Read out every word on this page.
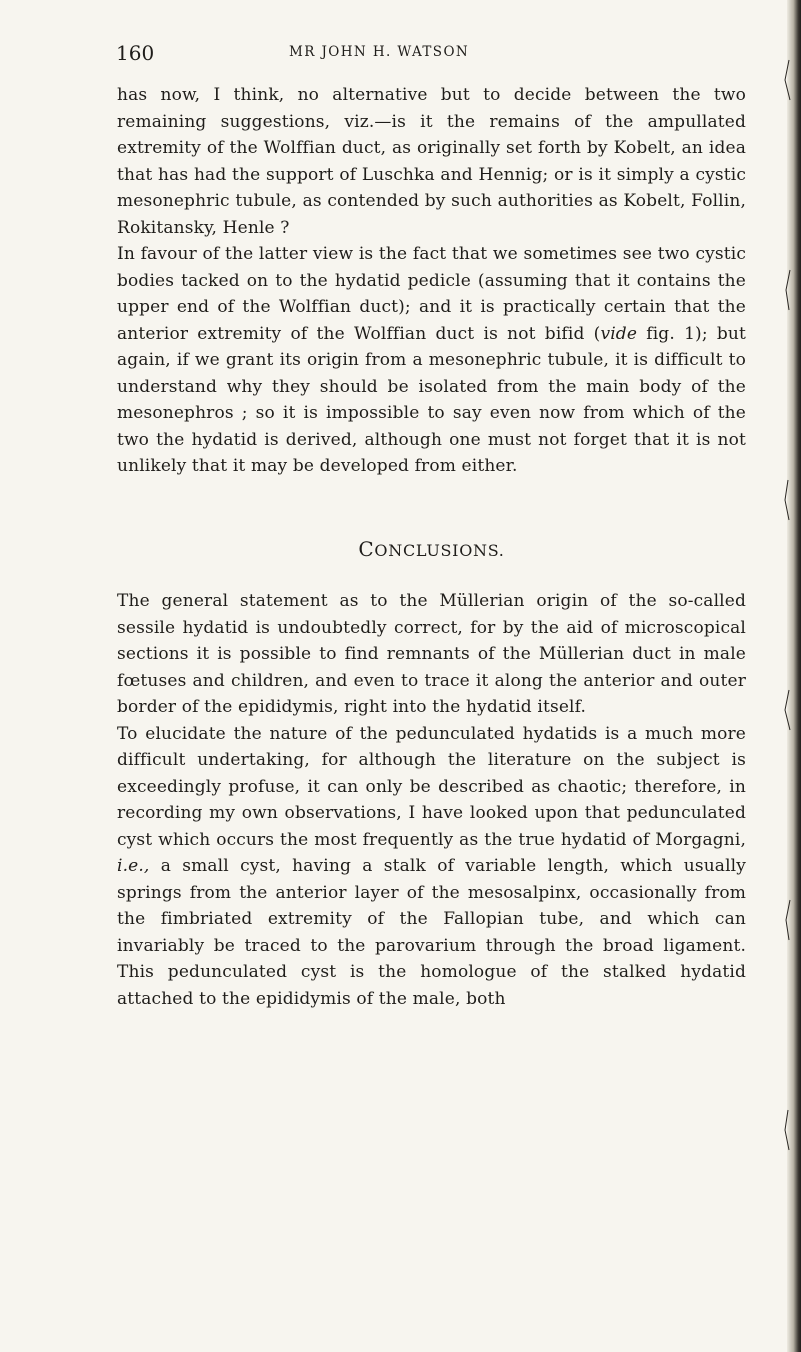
160	MR JOHN H. WATSON

has now, I think, no alternative but to decide between the two remaining suggestions, viz.—is it the remains of the ampullated extremity of the Wolffian duct, as originally set forth by Kobelt, an idea that has had the support of Luschka and Hennig; or is it simply a cystic mesonephric tubule, as contended by such authorities as Kobelt, Follin, Rokitansky, Henle ?

In favour of the latter view is the fact that we sometimes see two cystic bodies tacked on to the hydatid pedicle (assuming that it contains the upper end of the Wolffian duct); and it is practically certain that the anterior extremity of the Wolffian duct is not bifid (vide fig. 1); but again, if we grant its origin from a mesonephric tubule, it is difficult to understand why they should be isolated from the main body of the mesonephros ; so it is impossible to say even now from which of the two the hydatid is derived, although one must not forget that it is not unlikely that it may be developed from either.

CONCLUSIONS.

The general statement as to the Müllerian origin of the so-called sessile hydatid is undoubtedly correct, for by the aid of microscopical sections it is possible to find remnants of the Müllerian duct in male fœtuses and children, and even to trace it along the anterior and outer border of the epididymis, right into the hydatid itself.

To elucidate the nature of the pedunculated hydatids is a much more difficult undertaking, for although the literature on the subject is exceedingly profuse, it can only be described as chaotic; therefore, in recording my own observations, I have looked upon that pedunculated cyst which occurs the most frequently as the true hydatid of Morgagni, i.e., a small cyst, having a stalk of variable length, which usually springs from the anterior layer of the mesosalpinx, occasionally from the fimbriated extremity of the Fallopian tube, and which can invariably be traced to the parovarium through the broad ligament. This pedunculated cyst is the homologue of the stalked hydatid attached to the epididymis of the male, both
